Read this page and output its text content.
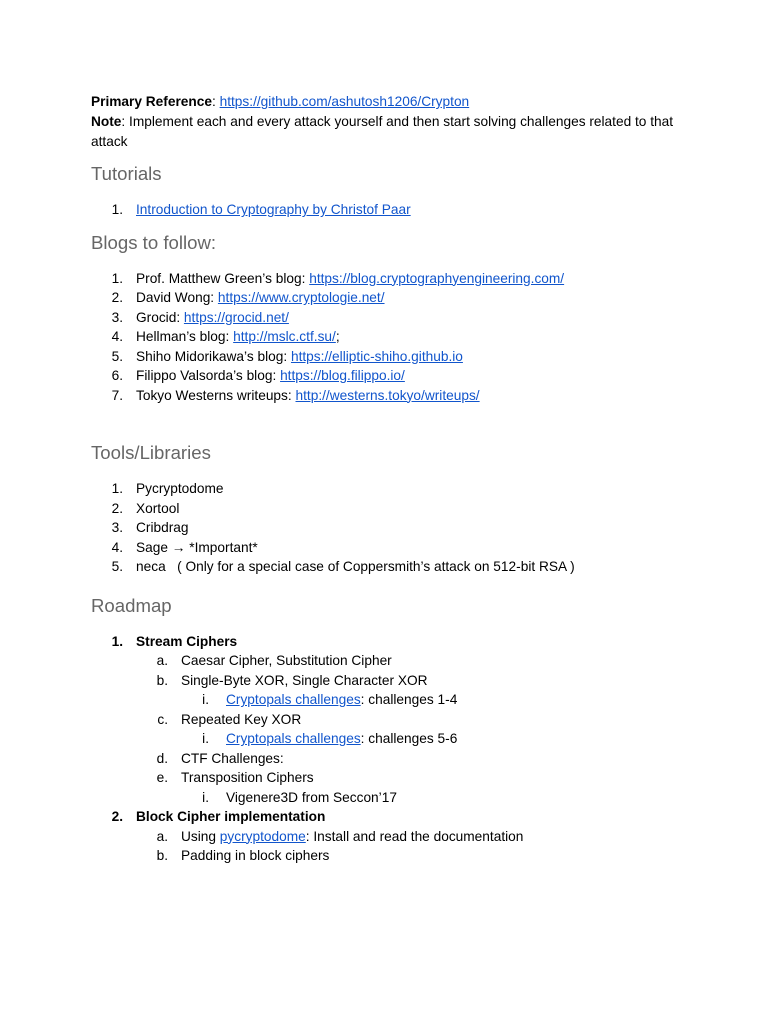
Primary Reference: https://github.com/ashutosh1206/Crypton

Note: Implement each and every attack yourself and then start solving challenges related to that attack

Tutorials
1. Introduction to Cryptography by Christof Paar
Blogs to follow:
1. Prof. Matthew Green’s blog: https://blog.cryptographyengineering.com/
2. David Wong: https://www.cryptologie.net/
3. Grocid: https://grocid.net/
4. Hellman’s blog: http://mslc.ctf.su/;
5. Shiho Midorikawa’s blog: https://elliptic-shiho.github.io
6. Filippo Valsorda’s blog: https://blog.filippo.io/
7. Tokyo Westerns writeups: http://westerns.tokyo/writeups/
Tools/Libraries
1. Pycryptodome
2. Xortool
3. Cribdrag
4. Sage → *Important*
5. neca   ( Only for a special case of Coppersmith’s attack on 512-bit RSA )
Roadmap
1. Stream Ciphers
a. Caesar Cipher, Substitution Cipher
b. Single-Byte XOR, Single Character XOR
i. Cryptopals challenges: challenges 1-4
c. Repeated Key XOR
i. Cryptopals challenges: challenges 5-6
d. CTF Challenges:
e. Transposition Ciphers
i. Vigenere3D from Seccon’17
2. Block Cipher implementation
a. Using pycryptodome: Install and read the documentation
b. Padding in block ciphers
